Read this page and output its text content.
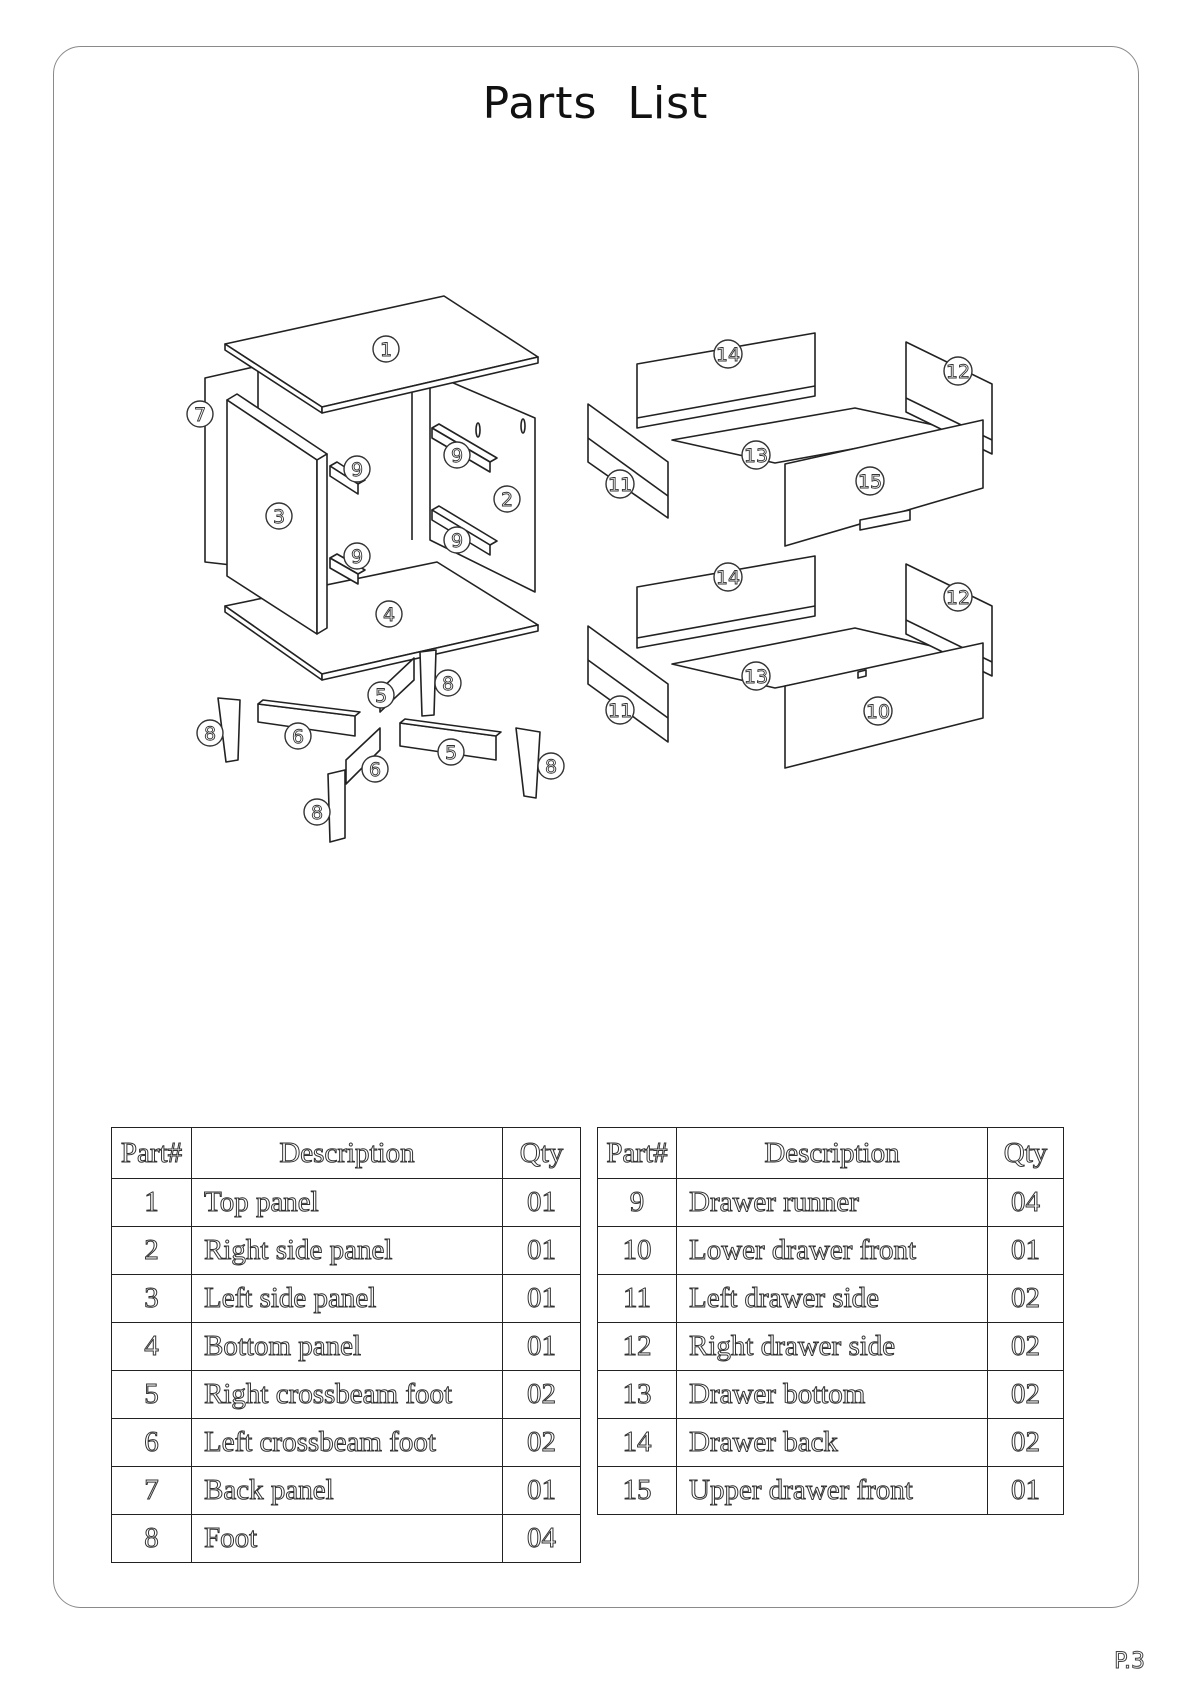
Parts List
1
7
9
9
2
3
9
9
4
5
8
8	6
5
6	8
8
14
12
13
11	15
14
12
13
11	10
Part#	Description	Qty
1	Top panel	01
2	Right side panel	01
3	Left side panel	01
4	Bottom panel	01
5	Right crossbeam foot	02
6	Left crossbeam foot	02
7	Back panel	01
8	Foot	04
Part#	Description	Qty
9	Drawer runner	04
10	Lower drawer front	01
11	Left drawer side	02
12	Right drawer side	02
13	Drawer bottom	02
14	Drawer back	02
15	Upper drawer front	01
P.3
